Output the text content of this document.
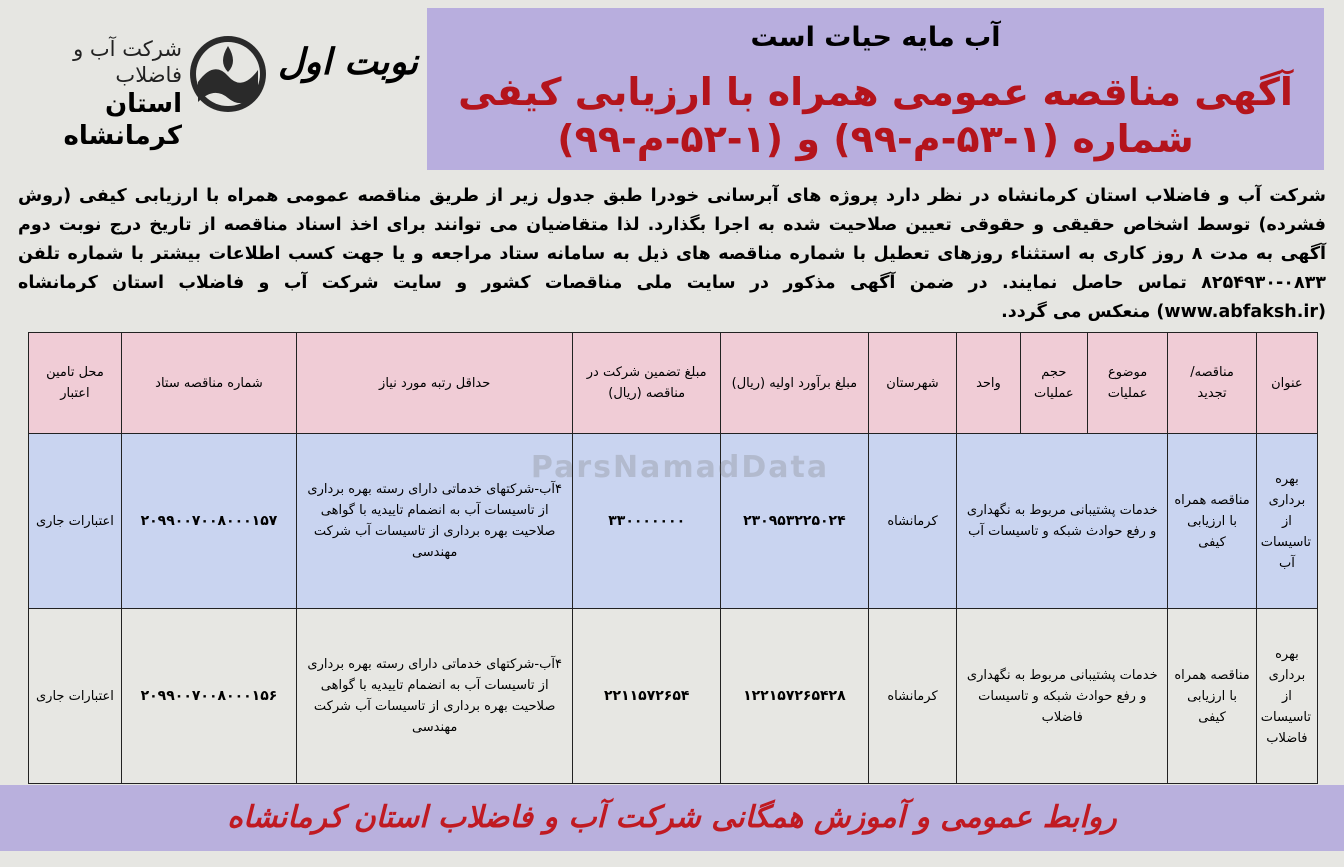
شرکت آب و فاضلاب
استان کرمانشاه
نوبت اول
آب مایه حیات است
آگهی مناقصه عمومی همراه با ارزیابی کیفی
شماره (۱-۵۳-م-۹۹) و (۱-۵۲-م-۹۹)
شرکت آب و فاضلاب استان کرمانشاه در نظر دارد پروژه های آبرسانی خودرا طبق جدول زیر از طریق مناقصه عمومی همراه با ارزیابی کیفی (روش فشرده) توسط اشخاص حقیقی و حقوقی تعیین صلاحیت شده به اجرا بگذارد. لذا متقاضیان می توانند برای اخذ اسناد مناقصه از تاریخ درج نوبت دوم آگهی به مدت ۸ روز کاری به استثناء روزهای تعطیل با شماره مناقصه های ذیل به سامانه ستاد مراجعه و یا جهت کسب اطلاعات بیشتر با شماره تلفن ۰۸۳۳-۸۲۵۴۹۳۰ تماس حاصل نمایند. در ضمن آگهی مذکور در سایت ملی مناقصات کشور و سایت شرکت آب و فاضلاب استان کرمانشاه (www.abfaksh.ir) منعکس می گردد.
عنوان	مناقصه/ تجدید	موضوع عملیات	حجم عملیات	واحد	شهرستان	مبلغ برآورد اولیه (ریال)	مبلغ تضمین شرکت در مناقصه (ریال)	حداقل رتبه مورد نیاز	شماره مناقصه ستاد	محل تامین اعتبار
بهره برداری از تاسیسات آب	مناقصه همراه با ارزیابی کیفی	خدمات پشتیبانی مربوط به نگهداری و رفع حوادث شبکه و تاسیسات آب			کرمانشاه	۲۳۰۹۵۳۲۲۵۰۲۴	۳۳۰۰۰۰۰۰۰	۴آب-شرکتهای خدماتی دارای رسته بهره برداری از تاسیسات آب به انضمام تاییدیه با گواهی صلاحیت بهره برداری از تاسیسات آب شرکت مهندسی	۲۰۹۹۰۰۷۰۰۸۰۰۰۱۵۷	اعتبارات جاری
بهره برداری از تاسیسات فاضلاب	مناقصه همراه با ارزیابی کیفی	خدمات پشتیبانی مربوط به نگهداری و رفع حوادث شبکه و تاسیسات فاضلاب			کرمانشاه	۱۲۲۱۵۷۲۶۵۴۲۸	۲۲۱۱۵۷۲۶۵۴	۴آب-شرکتهای خدماتی دارای رسته بهره برداری از تاسیسات آب به انضمام تاییدیه با گواهی صلاحیت بهره برداری از تاسیسات آب شرکت مهندسی	۲۰۹۹۰۰۷۰۰۸۰۰۰۱۵۶	اعتبارات جاری
ParsNamadData
روابط عمومی و آموزش همگانی شرکت آب و فاضلاب استان کرمانشاه
